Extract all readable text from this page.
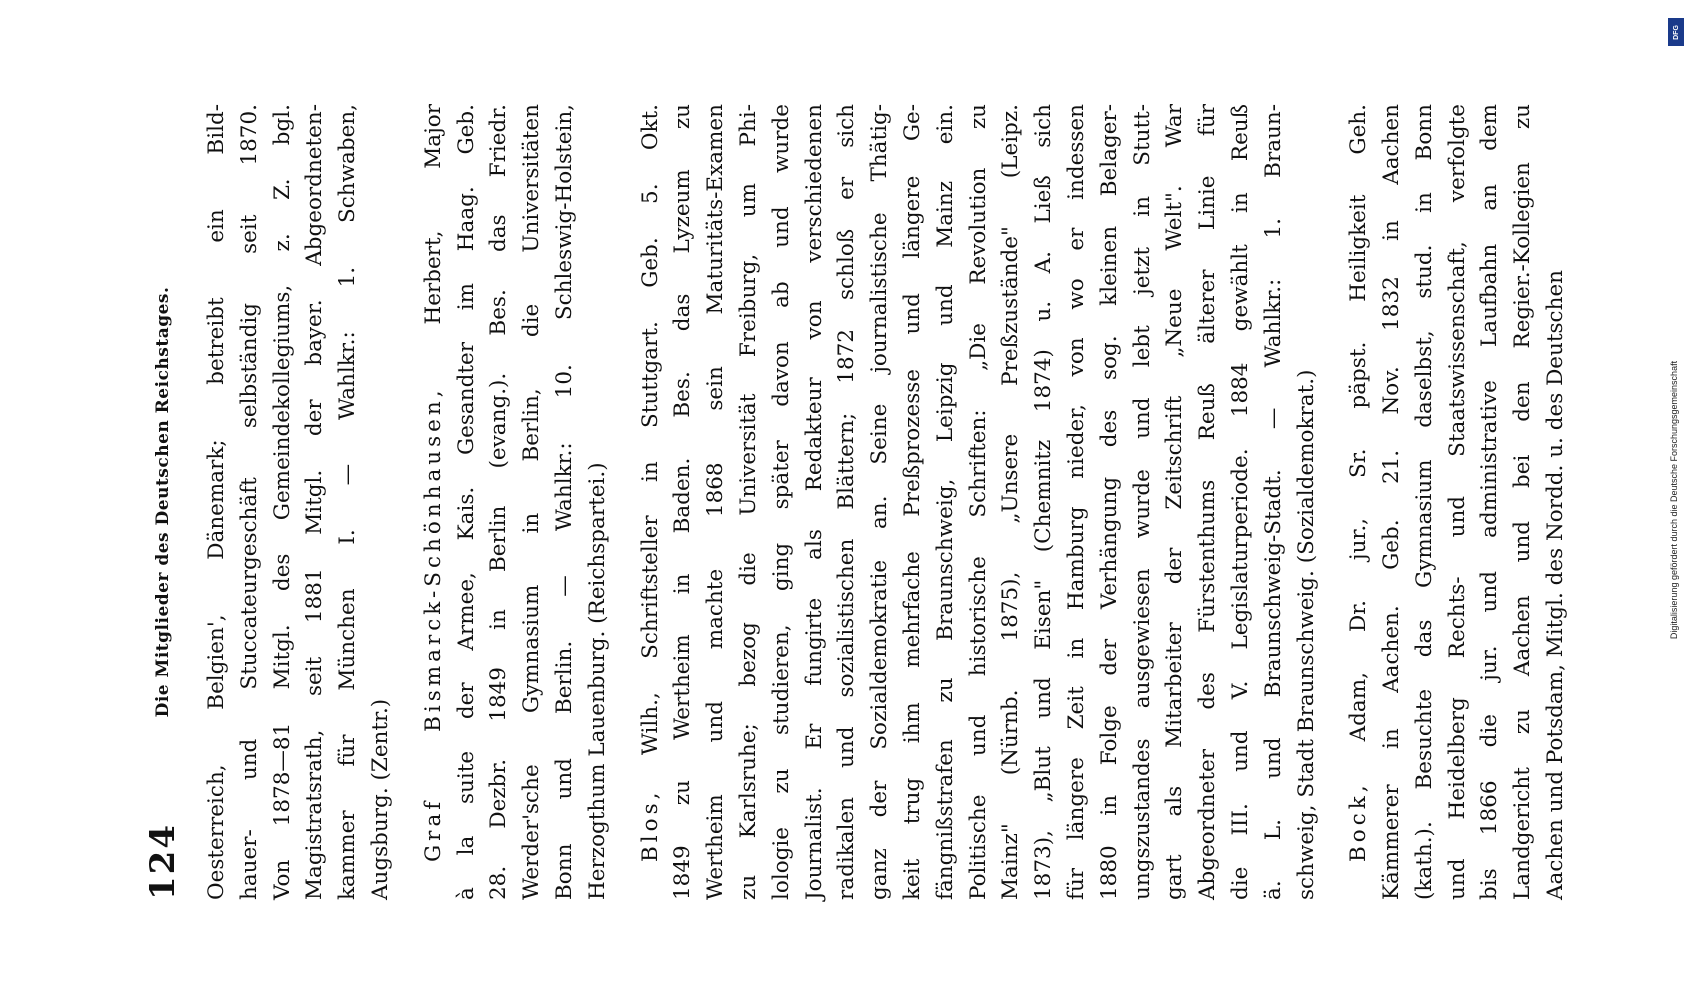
124
Die Mitglieder des Deutschen Reichstages. Oesterreich, Belgien', Dänemark; betreibt ein Bild- hauer- und Stuccateurgeschäft selbständig seit 1870. Von 1878—81 Mitgl. des Gemeindekollegiums, z. Z. bgl. Magistratsrath, seit 1881 Mitgl. der bayer. Abgeordneten- kammer für München I. — Wahlkr.: 1. Schwaben, Augsburg. (Zentr.) Graf Bismarck-Schönhausen, Herbert, Major à la suite der Armee, Kais. Gesandter im Haag. Geb. 28. Dezbr. 1849 in Berlin (evang.). Bes. das Friedr. Werder'sche Gymnasium in Berlin, die Universitäten Bonn und Berlin. — Wahlkr.: 10. Schleswig-Holstein, Herzogthum Lauenburg. (Reichspartei.) Blos, Wilh., Schriftsteller in Stuttgart. Geb. 5. Okt. 1849 zu Wertheim in Baden. Bes. das Lyzeum zu Wertheim und machte 1868 sein Maturitäts-Examen zu Karlsruhe; bezog die Universität Freiburg, um Phi- lologie zu studieren, ging später davon ab und wurde Journalist. Er fungirte als Redakteur von verschiedenen radikalen und sozialistischen Blättern; 1872 schloß er sich ganz der Sozialdemokratie an. Seine journalistische Thätig- keit trug ihm mehrfache Preßprozesse und längere Ge- fängnißstrafen zu Braunschweig, Leipzig und Mainz ein. Politische und historische Schriften: „Die Revolution zu Mainz" (Nürnb. 1875), „Unsere Preßzustände" (Leipz. 1873), „Blut und Eisen" (Chemnitz 1874) u. A. Ließ sich für längere Zeit in Hamburg nieder, von wo er indessen 1880 in Folge der Verhängung des sog. kleinen Belager- ungszustandes ausgewiesen wurde und lebt jetzt in Stutt- gart als Mitarbeiter der Zeitschrift „Neue Welt". War Abgeordneter des Fürstenthums Reuß älterer Linie für die III. und V. Legislaturperiode. 1884 gewählt in Reuß ä. L. und Braunschweig-Stadt. — Wahlkr.: 1. Braun- schweig, Stadt Braunschweig. (Sozialdemokrat.) Bock, Adam, Dr. jur., Sr. päpst. Heiligkeit Geh. Kämmerer in Aachen. Geb. 21. Nov. 1832 in Aachen (kath.). Besuchte das Gymnasium daselbst, stud. in Bonn und Heidelberg Rechts- und Staatswissenschaft, verfolgte bis 1866 die jur. und administrative Laufbahn an dem Landgericht zu Aachen und bei den Regier.-Kollegien zu Aachen und Potsdam, Mitgl. des Nordd. u. des Deutschen	Digitalisierung gefördert durch die Deutsche Forschungsgemeinschaft
DFG
